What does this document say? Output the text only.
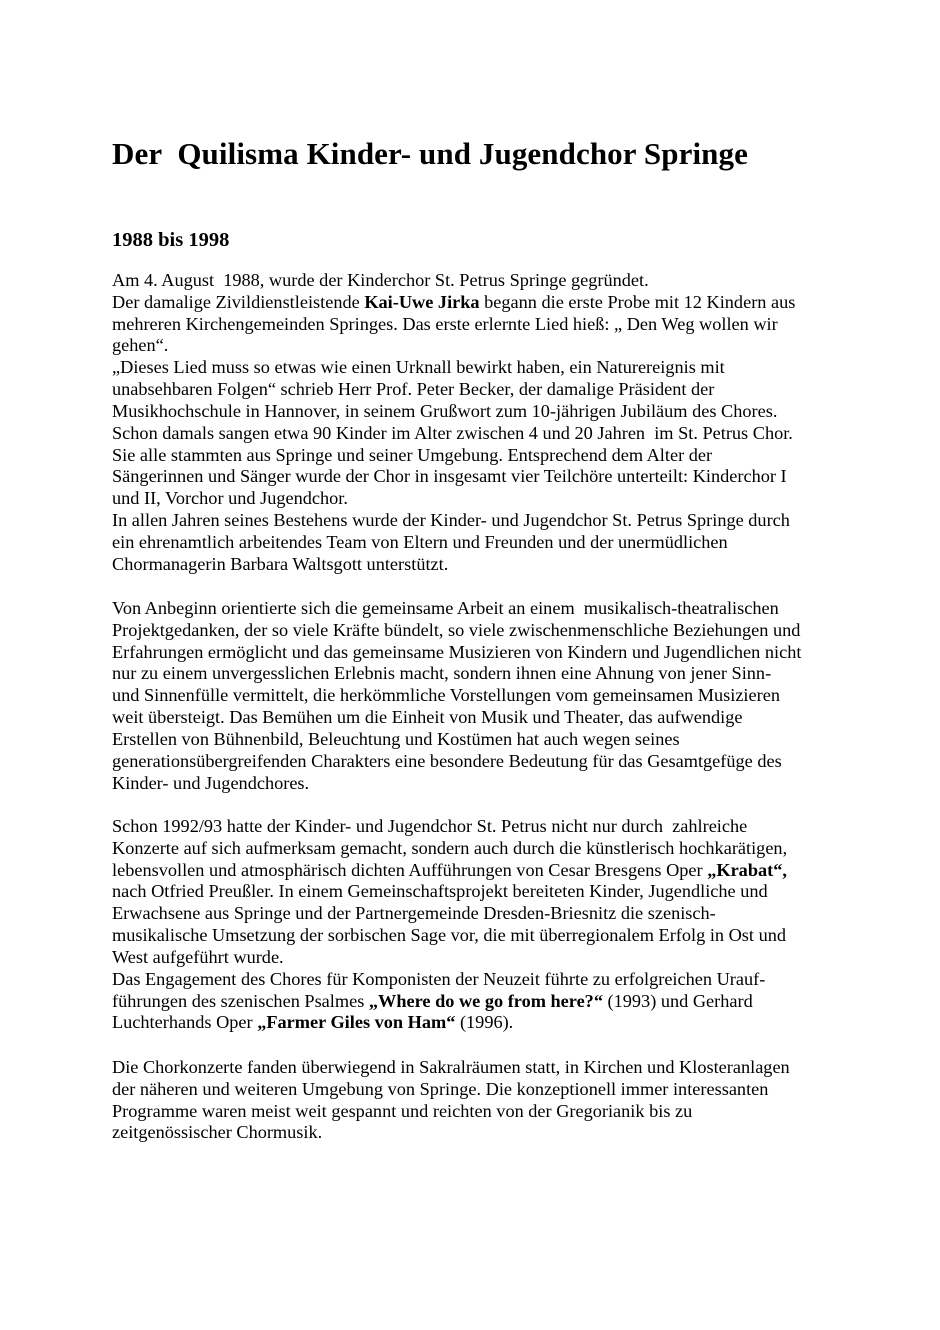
Der  Quilisma Kinder- und Jugendchor Springe
1988 bis 1998
Am 4. August  1988, wurde der Kinderchor St. Petrus Springe gegründet.
Der damalige Zivildienstleistende Kai-Uwe Jirka begann die erste Probe mit 12 Kindern aus
mehreren Kirchengemeinden Springes. Das erste erlernte Lied hieß: „ Den Weg wollen wir
gehen“.
„Dieses Lied muss so etwas wie einen Urknall bewirkt haben, ein Naturereignis mit
unabsehbaren Folgen“ schrieb Herr Prof. Peter Becker, der damalige Präsident der
Musikhochschule in Hannover, in seinem Grußwort zum 10-jährigen Jubiläum des Chores.
Schon damals sangen etwa 90 Kinder im Alter zwischen 4 und 20 Jahren  im St. Petrus Chor.
Sie alle stammten aus Springe und seiner Umgebung. Entsprechend dem Alter der
Sängerinnen und Sänger wurde der Chor in insgesamt vier Teilchöre unterteilt: Kinderchor I
und II, Vorchor und Jugendchor.
In allen Jahren seines Bestehens wurde der Kinder- und Jugendchor St. Petrus Springe durch
ein ehrenamtlich arbeitendes Team von Eltern und Freunden und der unermüdlichen
Chormanagerin Barbara Waltsgott unterstützt.
Von Anbeginn orientierte sich die gemeinsame Arbeit an einem  musikalisch-theatralischen
Projektgedanken, der so viele Kräfte bündelt, so viele zwischenmenschliche Beziehungen und
Erfahrungen ermöglicht und das gemeinsame Musizieren von Kindern und Jugendlichen nicht
nur zu einem unvergesslichen Erlebnis macht, sondern ihnen eine Ahnung von jener Sinn-
und Sinnenfülle vermittelt, die herkömmliche Vorstellungen vom gemeinsamen Musizieren
weit übersteigt. Das Bemühen um die Einheit von Musik und Theater, das aufwendige
Erstellen von Bühnenbild, Beleuchtung und Kostümen hat auch wegen seines
generationsübergreifenden Charakters eine besondere Bedeutung für das Gesamtgefüge des
Kinder- und Jugendchores.
Schon 1992/93 hatte der Kinder- und Jugendchor St. Petrus nicht nur durch  zahlreiche
Konzerte auf sich aufmerksam gemacht, sondern auch durch die künstlerisch hochkarätigen,
lebensvollen und atmosphärisch dichten Aufführungen von Cesar Bresgens Oper „Krabat“,
nach Otfried Preußler. In einem Gemeinschaftsprojekt bereiteten Kinder, Jugendliche und
Erwachsene aus Springe und der Partnergemeinde Dresden-Briesnitz die szenisch-
musikalische Umsetzung der sorbischen Sage vor, die mit überregionalem Erfolg in Ost und
West aufgeführt wurde.
Das Engagement des Chores für Komponisten der Neuzeit führte zu erfolgreichen Urauf-
führungen des szenischen Psalmes „Where do we go from here?“ (1993) und Gerhard
Luchterhands Oper „Farmer Giles von Ham“ (1996).
Die Chorkonzerte fanden überwiegend in Sakralräumen statt, in Kirchen und Klosteranlagen
der näheren und weiteren Umgebung von Springe. Die konzeptionell immer interessanten
Programme waren meist weit gespannt und reichten von der Gregorianik bis zu
zeitgenössischer Chormusik.
